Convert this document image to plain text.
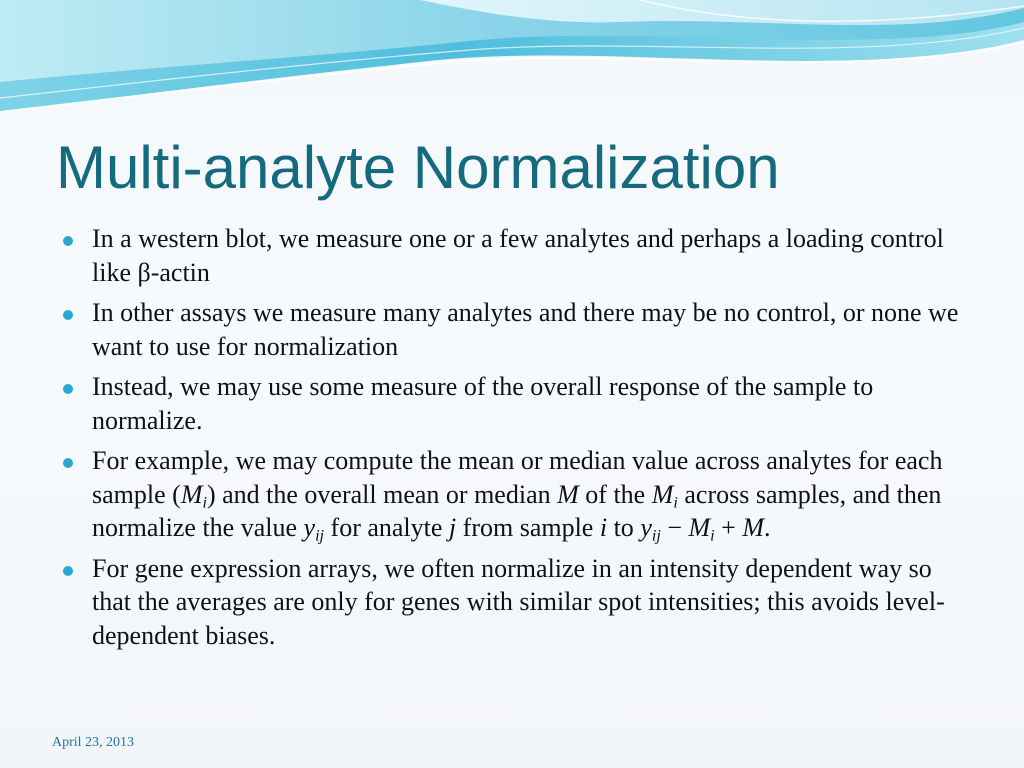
Multi-analyte Normalization
In a western blot, we measure one or a few analytes and perhaps a loading control like β-actin
In other assays we measure many analytes and there may be no control, or none we want to use for normalization
Instead, we may use some measure of the overall response of the sample to normalize.
For example, we may compute the mean or median value across analytes for each sample $(M_i)$ and the overall mean or median M of the $M_i$ across samples, and then normalize the value $y_{ij}$ for analyte j from sample i to $y_{ij} - M_i + M$.
For gene expression arrays, we often normalize in an intensity dependent way so that the averages are only for genes with similar spot intensities; this avoids level-dependent biases.
April 23, 2013
